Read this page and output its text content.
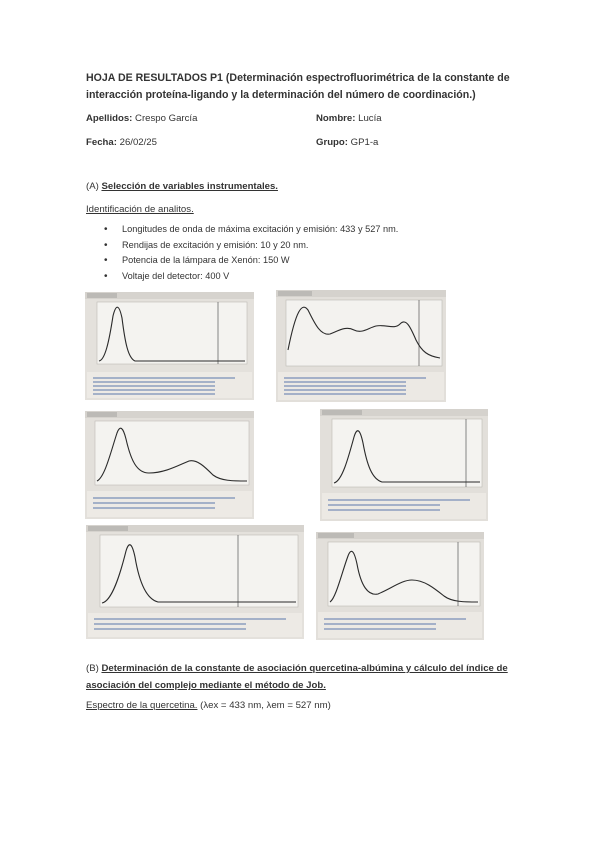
HOJA DE RESULTADOS P1 (Determinación espectrofluorimétrica de la constante de interacción proteína-ligando y la determinación del número de coordinación.)
Apellidos: Crespo García	Nombre: Lucía
Fecha: 26/02/25	Grupo: GP1-a
(A) Selección de variables instrumentales.
Identificación de analitos.
• Longitudes de onda de máxima excitación y emisión: 433 y 527 nm.
• Rendijas de excitación y emisión: 10 y 20 nm.
• Potencia de la lámpara de Xenón: 150 W
• Voltaje del detector: 400 V
(B) Determinación de la constante de asociación quercetina-albúmina y cálculo del índice de asociación del complejo mediante el método de Job.
Espectro de la quercetina. (λex = 433 nm, λem = 527 nm)
